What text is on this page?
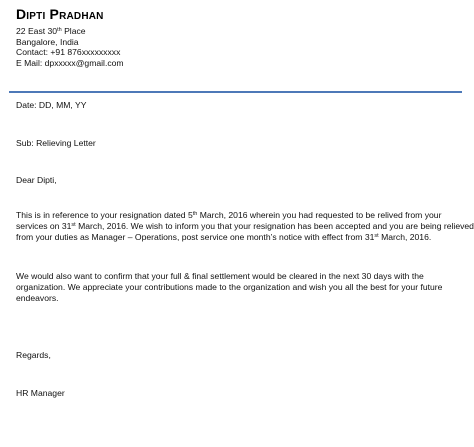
Dipti Pradhan
22 East 30th Place
Bangalore, India
Contact: +91 876xxxxxxxxx
E Mail: dpxxxxx@gmail.com
Date: DD, MM, YY
Sub: Relieving Letter
Dear Dipti,
This is in reference to your resignation dated 5th March, 2016 wherein you had requested to be relived from your
services on 31st March, 2016. We wish to inform you that your resignation has been accepted and you are being relieved
from your duties as Manager – Operations, post service one month’s notice with effect from 31st March, 2016.
We would also want to confirm that your full & final settlement would be cleared in the next 30 days with the
organization. We appreciate your contributions made to the organization and wish you all the best for your future
endeavors.
Regards,
HR Manager
